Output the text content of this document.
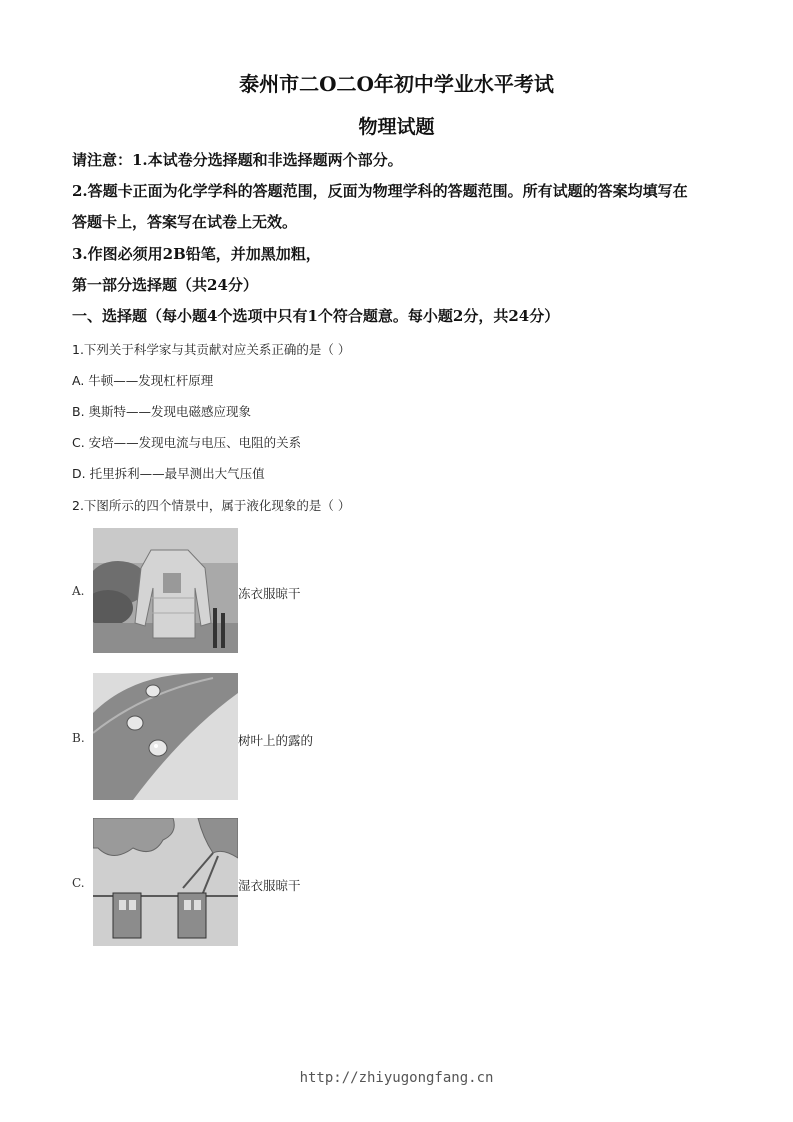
泰州市二O二O年初中学业水平考试
物理试题
请注意：1.本试卷分选择题和非选择题两个部分。
2.答题卡正面为化学学科的答题范围，反面为物理学科的答题范围。所有试题的答案均填写在
答题卡上，答案写在试卷上无效。
3.作图必须用2B铅笔，并加黑加粗，
第一部分选择题（共24分）
一、选择题（每小题4个选项中只有1个符合题意。每小题2分，共24分）
1.下列关于科学家与其贡献对应关系正确的是（ ）
A. 牛顿——发现杠杆原理
B. 奥斯特——发现电磁感应现象
C. 安培——发现电流与电压、电阻的关系
D. 托里拆利——最早测出大气压值
2.下图所示的四个情景中，属于液化现象的是（ ）
A.	冻衣服晾干
B.	树叶上的露的
C.	湿衣服晾干
http://zhiyugongfang.cn
